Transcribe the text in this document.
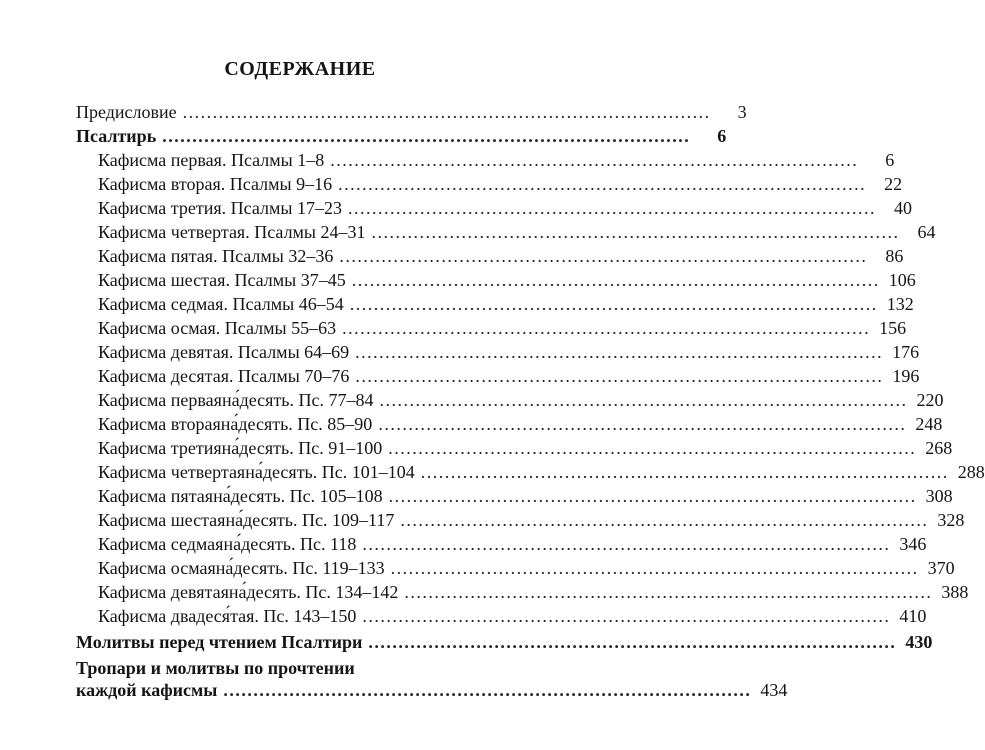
СОДЕРЖАНИЕ
Предисловие ........................................................................................	3
Псалтирь ........................................................................................	6
Кафисма первая. Псалмы 1–8 ........................................................................................	6
Кафисма вторая. Псалмы 9–16 ........................................................................................	22
Кафисма третия. Псалмы 17–23 ........................................................................................	40
Кафисма четвертая. Псалмы 24–31 ........................................................................................	64
Кафисма пятая. Псалмы 32–36 ........................................................................................	86
Кафисма шестая. Псалмы 37–45 ........................................................................................ 106
Кафисма седмая. Псалмы 46–54 ........................................................................................ 132
Кафисма осмая. Псалмы 55–63 ........................................................................................ 156
Кафисма девятая. Псалмы 64–69 ........................................................................................ 176
Кафисма десятая. Псалмы 70–76 ........................................................................................ 196
Кафисма перваяна́десять. Пс. 77–84 ........................................................................................ 220
Кафисма втораяна́десять. Пс. 85–90 ........................................................................................ 248
Кафисма третияна́десять. Пс. 91–100 ........................................................................................ 268
Кафисма четвертаяна́десять. Пс. 101–104 ........................................................................................ 288
Кафисма пятаяна́десять. Пс. 105–108 ........................................................................................ 308
Кафисма шестаяна́десять. Пс. 109–117 ........................................................................................ 328
Кафисма седмаяна́десять. Пс. 118 ........................................................................................ 346
Кафисма осмаяна́десять. Пс. 119–133 ........................................................................................ 370
Кафисма девятаяна́десять. Пс. 134–142 ........................................................................................ 388
Кафисма двадеся́тая. Пс. 143–150 ........................................................................................ 410
Молитвы перед чтением Псалтири ........................................................................................ 430
Тропари и молитвы по прочтении
каждой кафисмы ........................................................................................ 434
